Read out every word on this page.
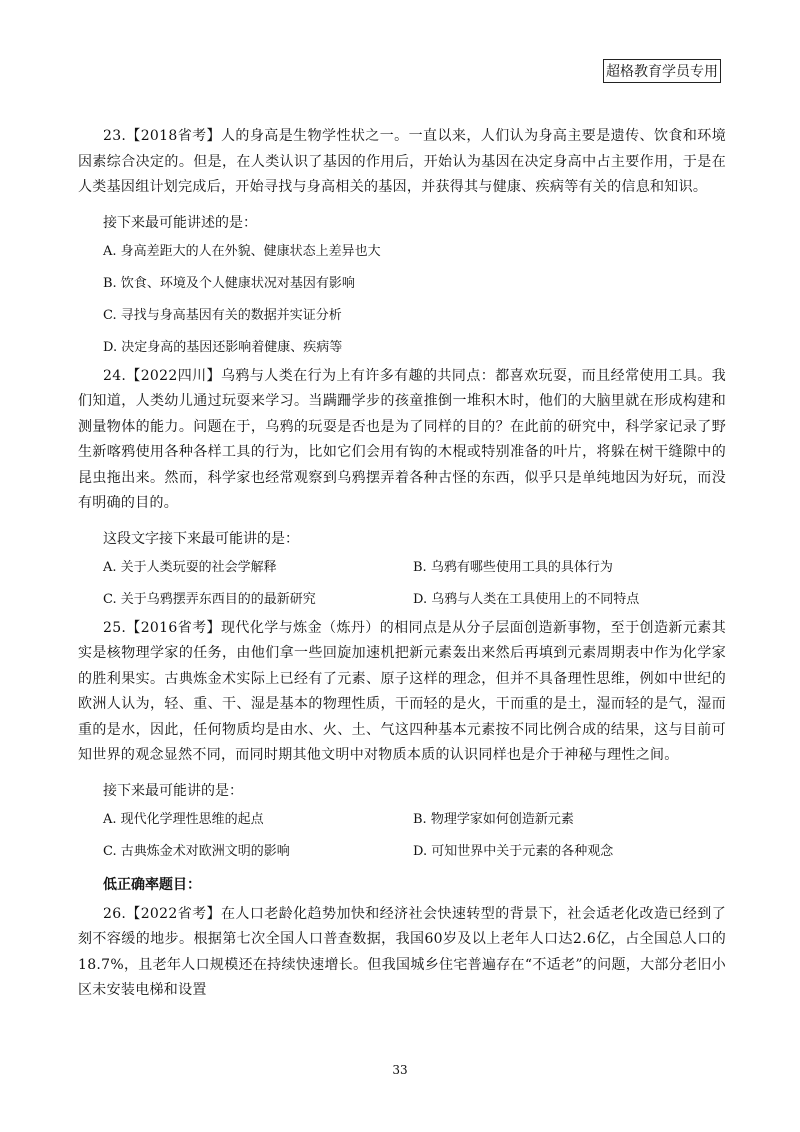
超格教育学员专用

23.【2018省考】人的身高是生物学性状之一。一直以来，人们认为身高主要是遗传、饮食和环境因素综合决定的。但是，在人类认识了基因的作用后，开始认为基因在决定身高中占主要作用，于是在人类基因组计划完成后，开始寻找与身高相关的基因，并获得其与健康、疾病等有关的信息和知识。

接下来最可能讲述的是：

A. 身高差距大的人在外貌、健康状态上差异也大
B. 饮食、环境及个人健康状况对基因有影响
C. 寻找与身高基因有关的数据并实证分析
D. 决定身高的基因还影响着健康、疾病等

24.【2022四川】乌鸦与人类在行为上有许多有趣的共同点：都喜欢玩耍，而且经常使用工具。我们知道，人类幼儿通过玩耍来学习。当蹒跚学步的孩童推倒一堆积木时，他们的大脑里就在形成构建和测量物体的能力。问题在于，乌鸦的玩耍是否也是为了同样的目的？在此前的研究中，科学家记录了野生新喀鸦使用各种各样工具的行为，比如它们会用有钩的木棍或特别准备的叶片，将躲在树干缝隙中的昆虫拖出来。然而，科学家也经常观察到乌鸦摆弄着各种古怪的东西，似乎只是单纯地因为好玩，而没有明确的目的。

这段文字接下来最可能讲的是：

A. 关于人类玩耍的社会学解释	B. 乌鸦有哪些使用工具的具体行为
C. 关于乌鸦摆弄东西目的的最新研究	D. 乌鸦与人类在工具使用上的不同特点

25.【2016省考】现代化学与炼金（炼丹）的相同点是从分子层面创造新事物，至于创造新元素其实是核物理学家的任务，由他们拿一些回旋加速机把新元素轰出来然后再填到元素周期表中作为化学家的胜利果实。古典炼金术实际上已经有了元素、原子这样的理念，但并不具备理性思维，例如中世纪的欧洲人认为，轻、重、干、湿是基本的物理性质，干而轻的是火，干而重的是土，湿而轻的是气，湿而重的是水，因此，任何物质均是由水、火、土、气这四种基本元素按不同比例合成的结果，这与目前可知世界的观念显然不同，而同时期其他文明中对物质本质的认识同样也是介于神秘与理性之间。

接下来最可能讲的是：

A. 现代化学理性思维的起点	B. 物理学家如何创造新元素
C. 古典炼金术对欧洲文明的影响	D. 可知世界中关于元素的各种观念
低正确率题目：

26.【2022省考】在人口老龄化趋势加快和经济社会快速转型的背景下，社会适老化改造已经到了刻不容缓的地步。根据第七次全国人口普查数据，我国60岁及以上老年人口达2.6亿，占全国总人口的18.7%，且老年人口规模还在持续快速增长。但我国城乡住宅普遍存在“不适老”的问题，大部分老旧小区未安装电梯和设置

33
